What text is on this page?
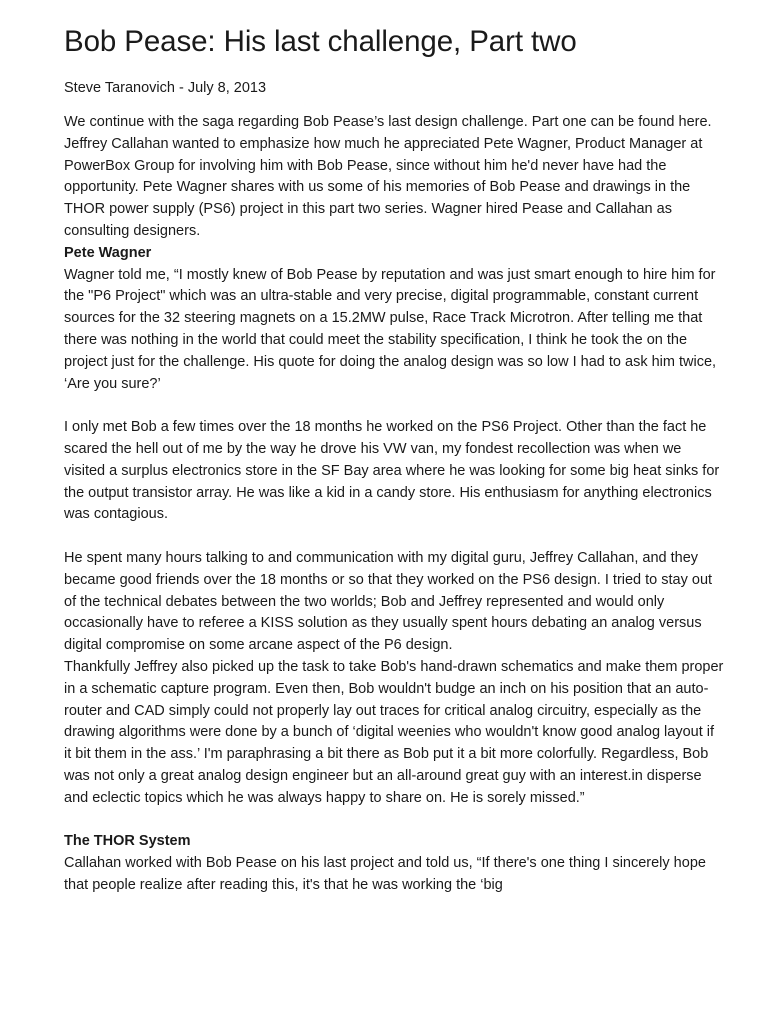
Bob Pease: His last challenge, Part two

Steve Taranovich - July 8, 2013

We continue with the saga regarding Bob Pease’s last design challenge. Part one can be found here.

Jeffrey Callahan wanted to emphasize how much he appreciated Pete Wagner, Product Manager at PowerBox Group for involving him with Bob Pease, since without him he'd never have had the opportunity. Pete Wagner shares with us some of his memories of Bob Pease and drawings in the THOR power supply (PS6) project in this part two series. Wagner hired Pease and Callahan as consulting designers.

Pete Wagner

Wagner told me, “I mostly knew of Bob Pease by reputation and was just smart enough to hire him for the "P6 Project" which was an ultra-stable and very precise, digital programmable, constant current sources for the 32 steering magnets on a 15.2MW pulse, Race Track Microtron. After telling me that there was nothing in the world that could meet the stability specification, I think he took the on the project just for the challenge. His quote for doing the analog design was so low I had to ask him twice, ‘Are you sure?’

I only met Bob a few times over the 18 months he worked on the PS6 Project. Other than the fact he scared the hell out of me by the way he drove his VW van, my fondest recollection was when we visited a surplus electronics store in the SF Bay area where he was looking for some big heat sinks for the output transistor array. He was like a kid in a candy store. His enthusiasm for anything electronics was contagious.

He spent many hours talking to and communication with my digital guru, Jeffrey Callahan, and they became good friends over the 18 months or so that they worked on the PS6 design. I tried to stay out of the technical debates between the two worlds; Bob and Jeffrey represented and would only occasionally have to referee a KISS solution as they usually spent hours debating an analog versus digital compromise on some arcane aspect of the P6 design.

Thankfully Jeffrey also picked up the task to take Bob's hand-drawn schematics and make them proper in a schematic capture program. Even then, Bob wouldn't budge an inch on his position that an auto-router and CAD simply could not properly lay out traces for critical analog circuitry, especially as the drawing algorithms were done by a bunch of ‘digital weenies who wouldn't know good analog layout if it bit them in the ass.’ I'm paraphrasing a bit there as Bob put it a bit more colorfully. Regardless, Bob was not only a great analog design engineer but an all-around great guy with an interest.in disperse and eclectic topics which he was always happy to share on. He is sorely missed.”

The THOR System

Callahan worked with Bob Pease on his last project and told us, “If there's one thing I sincerely hope that people realize after reading this, it's that he was working the ‘big
